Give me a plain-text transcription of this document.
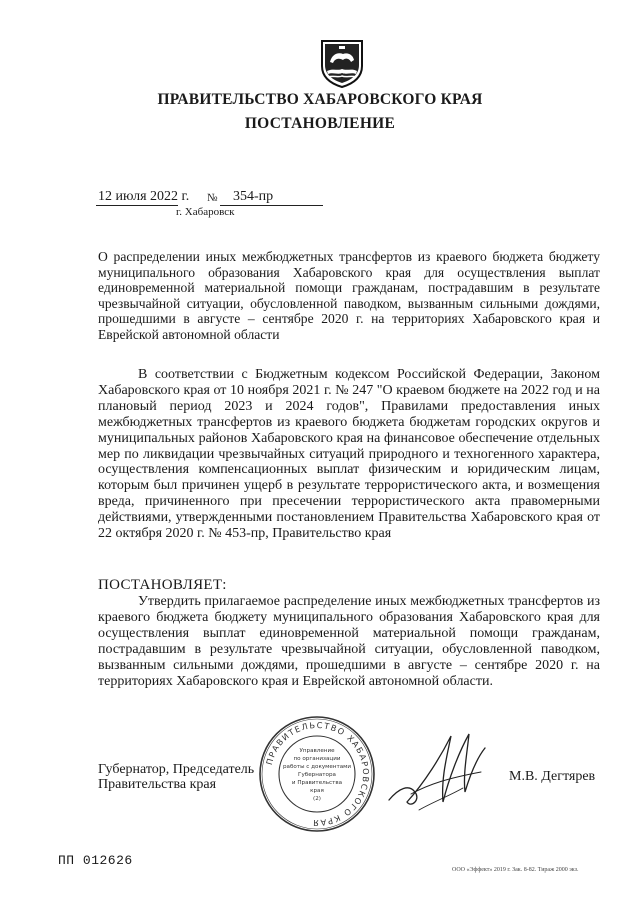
ПРАВИТЕЛЬСТВО ХАБАРОВСКОГО КРАЯ
ПОСТАНОВЛЕНИЕ
12 июля 2022 г. № 354-пр
г. Хабаровск

О распределении иных межбюджетных трансфертов из краевого бюджета бюджету муниципального образования Хабаровского края для осуществления выплат единовременной материальной помощи гражданам, пострадавшим в результате чрезвычайной ситуации, обусловленной паводком, вызванным сильными дождями, прошедшими в августе – сентябре 2020 г. на территориях Хабаровского края и Еврейской автономной области

В соответствии с Бюджетным кодексом Российской Федерации, Законом Хабаровского края от 10 ноября 2021 г. № 247 "О краевом бюджете на 2022 год и на плановый период 2023 и 2024 годов", Правилами предоставления иных межбюджетных трансфертов из краевого бюджета бюджетам городских округов и муниципальных районов Хабаровского края на финансовое обеспечение отдельных мер по ликвидации чрезвычайных ситуаций природного и техногенного характера, осуществления компенсационных выплат физическим и юридическим лицам, которым был причинен ущерб в результате террористического акта, и возмещения вреда, причиненного при пресечении террористического акта правомерными действиями, утвержденными постановлением Правительства Хабаровского края от 22 октября 2020 г. № 453-пр, Правительство края

ПОСТАНОВЛЯЕТ:

Утвердить прилагаемое распределение иных межбюджетных трансфертов из краевого бюджета бюджету муниципального образования Хабаровского края для осуществления выплат единовременной материальной помощи гражданам, пострадавшим в результате чрезвычайной ситуации, обусловленной паводком, вызванным сильными дождями, прошедшими в августе – сентябре 2020 г. на территориях Хабаровского края и Еврейской автономной области.

Губернатор, Председатель
Правительства края
ПРАВИТЕЛЬСТВО ХАБАРОВСКОГО КРАЯ
Управление
по организации
работы с документами
Губернатора
и Правительства
края
(2)
М.В. Дегтярев
ПП 012626
ООО «Эффект» 2019 г. Зак. 8-82. Тираж 2000 экз.
